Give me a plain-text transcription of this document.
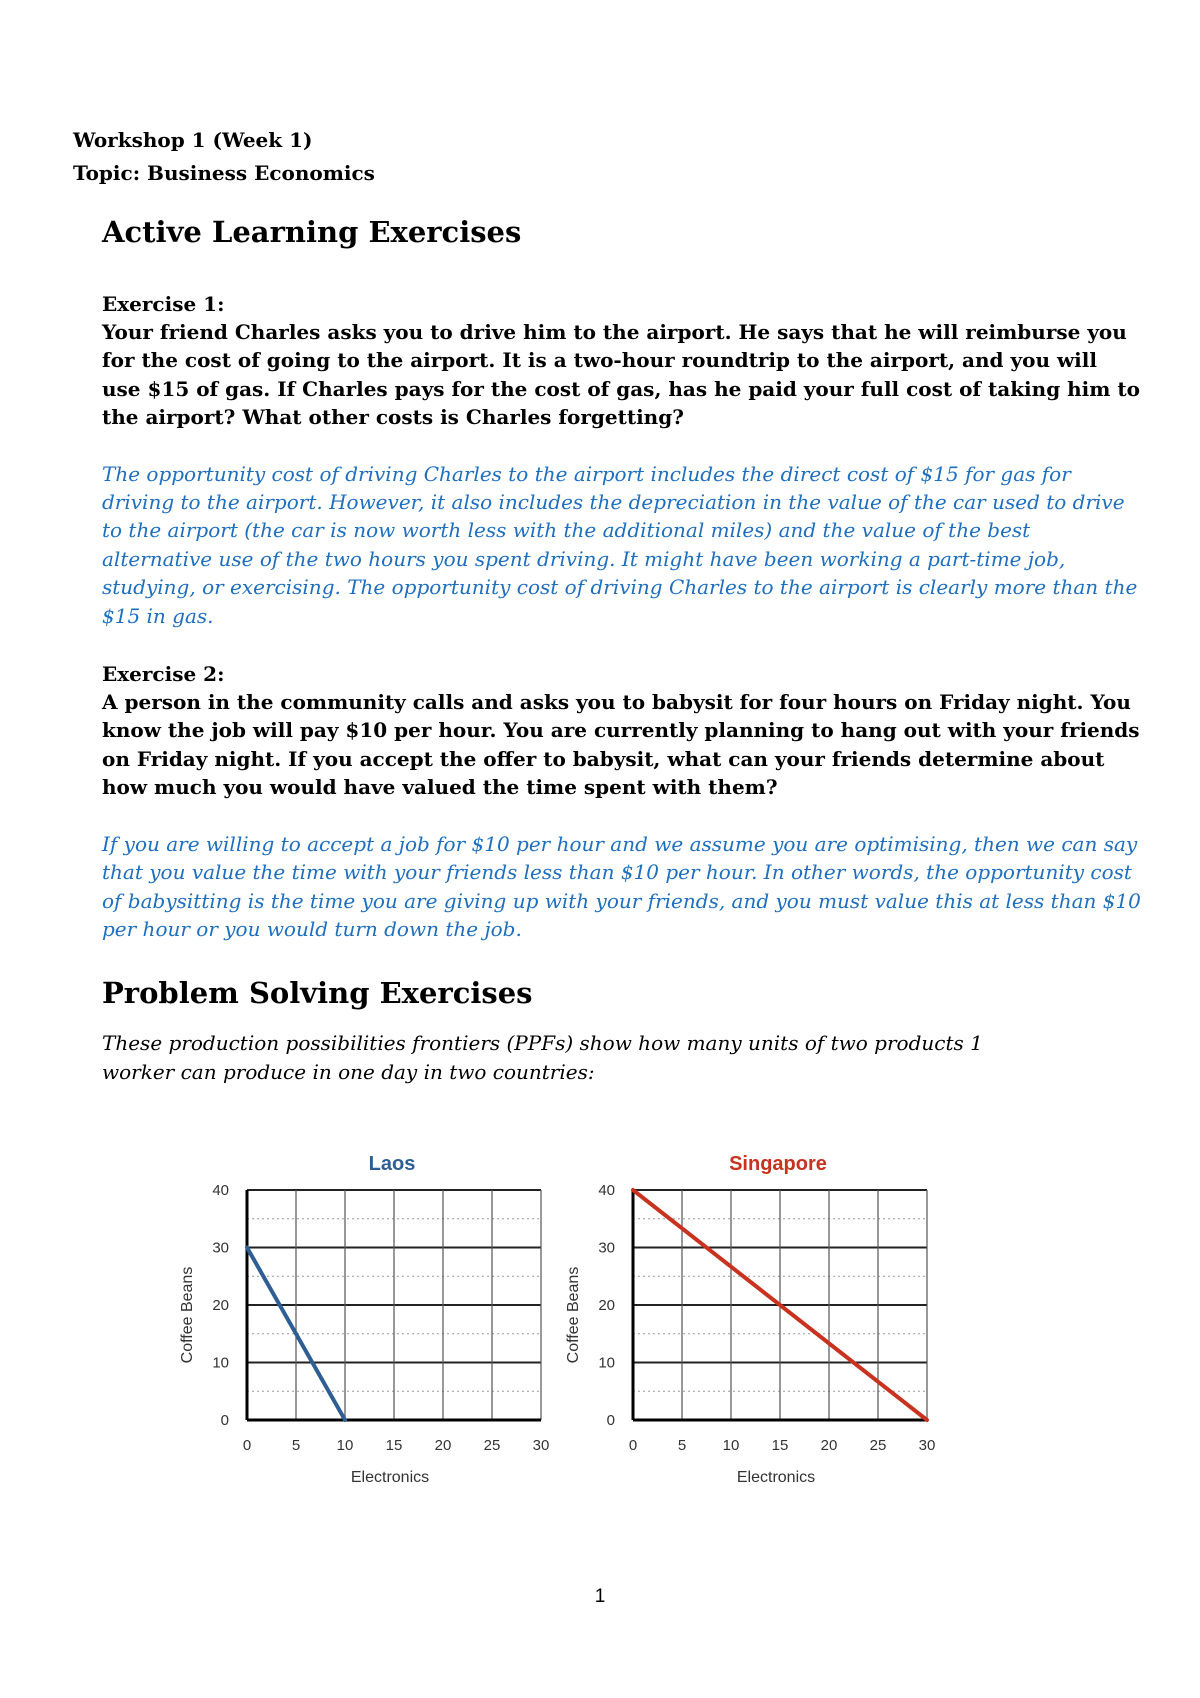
Workshop 1 (Week 1)
Topic: Business Economics
Active Learning Exercises
Exercise 1:

Your friend Charles asks you to drive him to the airport. He says that he will reimburse you for the cost of going to the airport. It is a two-hour roundtrip to the airport, and you will use $15 of gas. If Charles pays for the cost of gas, has he paid your full cost of taking him to the airport? What other costs is Charles forgetting?

The opportunity cost of driving Charles to the airport includes the direct cost of $15 for gas for driving to the airport. However, it also includes the depreciation in the value of the car used to drive to the airport (the car is now worth less with the additional miles) and the value of the best alternative use of the two hours you spent driving. It might have been working a part-time job, studying, or exercising. The opportunity cost of driving Charles to the airport is clearly more than the $15 in gas.

Exercise 2:

A person in the community calls and asks you to babysit for four hours on Friday night. You know the job will pay $10 per hour. You are currently planning to hang out with your friends on Friday night. If you accept the offer to babysit, what can your friends determine about how much you would have valued the time spent with them?

If you are willing to accept a job for $10 per hour and we assume you are optimising, then we can say that you value the time with your friends less than $10 per hour. In other words, the opportunity cost of babysitting is the time you are giving up with your friends, and you must value this at less than $10 per hour or you would turn down the job.

Problem Solving Exercises

These production possibilities frontiers (PPFs) show how many units of two products 1 worker can produce in one day in two countries:

Laos
0
10
20
30
40
0	5 10 15 20 25 30
Electronics
Coffee Beans
Singapore
0
10
20
30
40
0	5 10 15 20 25 30
Electronics
Coffee Beans
1
